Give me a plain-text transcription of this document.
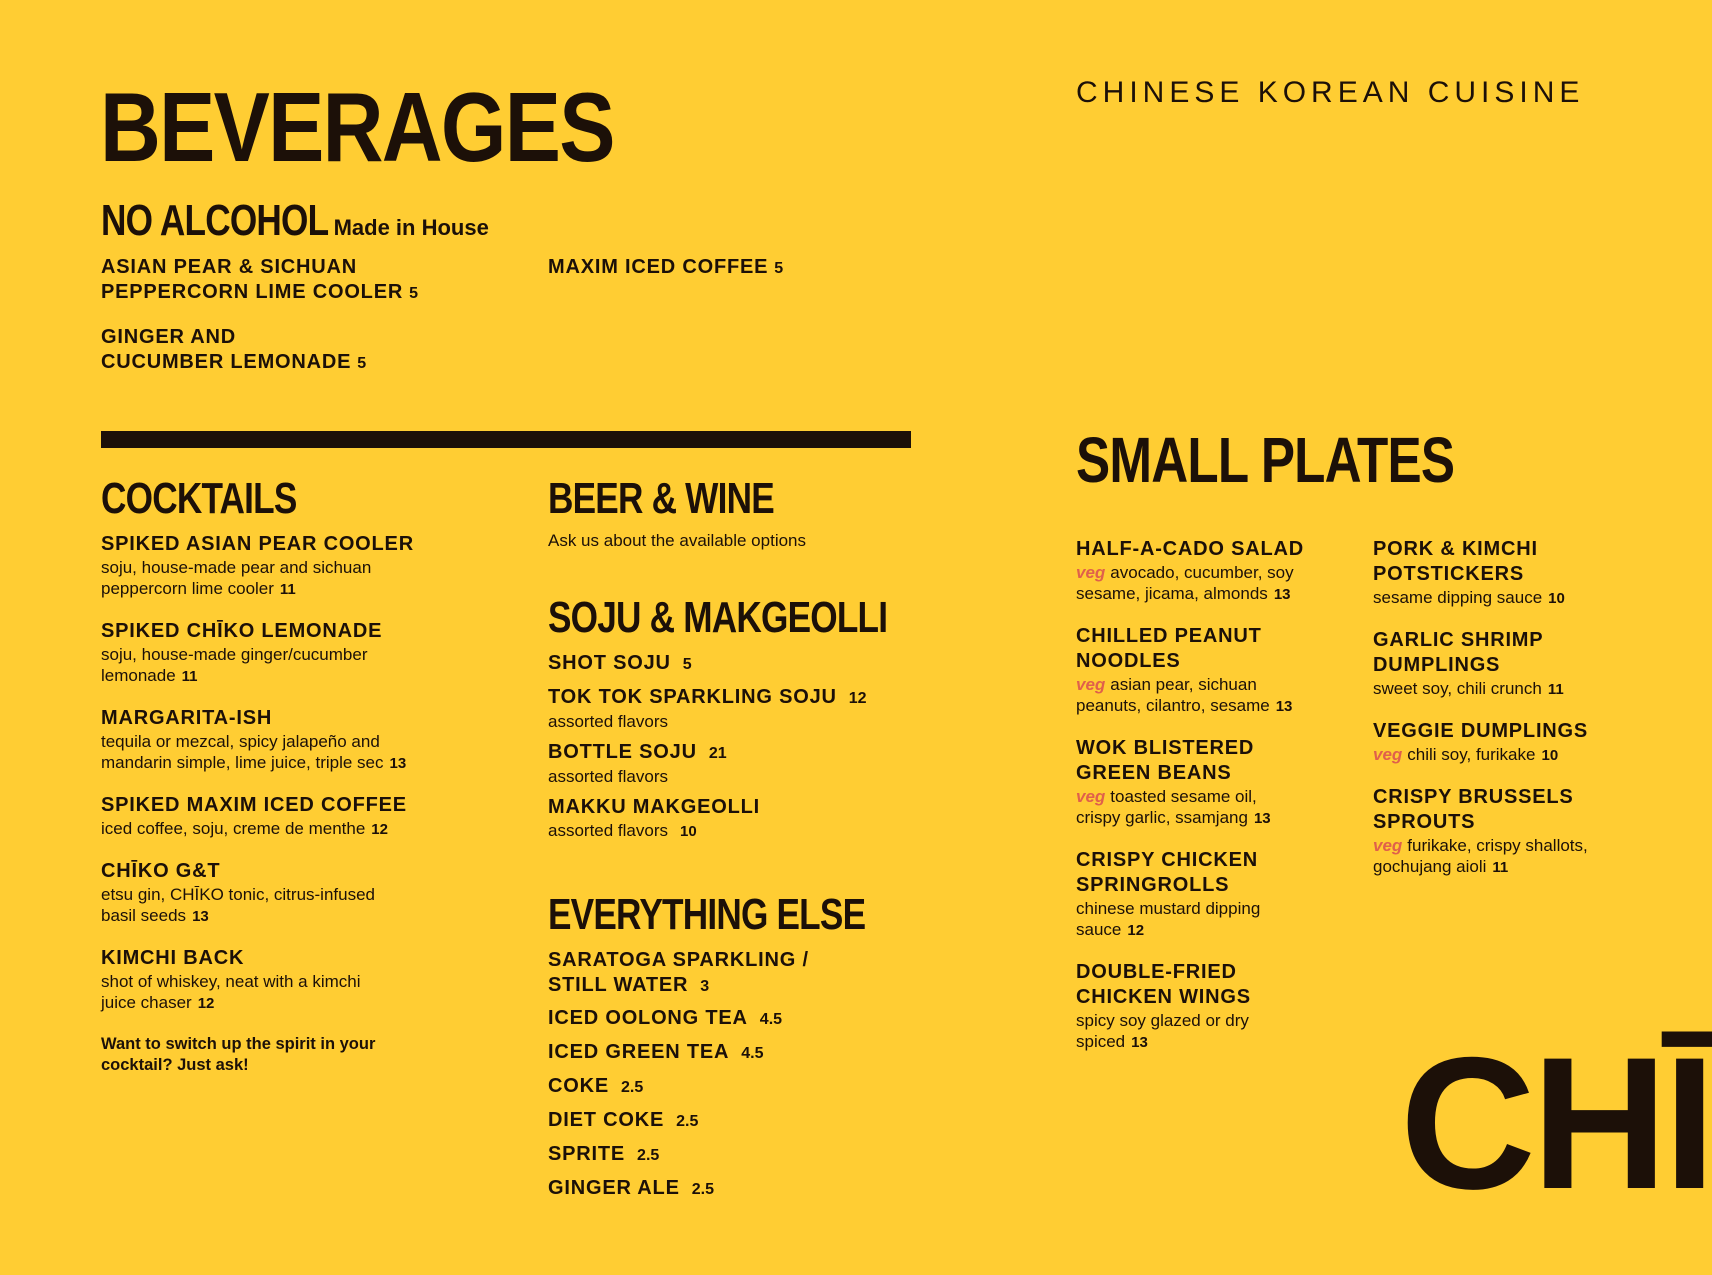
BEVERAGES	CHINESE KOREAN CUISINE
NO ALCOHOL Made in House
ASIAN PEAR & SICHUAN
PEPPERCORN LIME COOLER 5
GINGER AND
CUCUMBER LEMONADE 5
MAXIM ICED COFFEE 5
COCKTAILS
SPIKED ASIAN PEAR COOLER
soju, house-made pear and sichuan
peppercorn lime cooler 11
SPIKED CHĪKO LEMONADE
soju, house-made ginger/cucumber
lemonade 11
MARGARITA-ISH
tequila or mezcal, spicy jalapeño and
mandarin simple, lime juice, triple sec 13
SPIKED MAXIM ICED COFFEE
iced coffee, soju, creme de menthe 12
CHĪKO G&T
etsu gin, CHĪKO tonic, citrus-infused
basil seeds 13
KIMCHI BACK
shot of whiskey, neat with a kimchi
juice chaser 12
Want to switch up the spirit in your
cocktail? Just ask!
BEER & WINE
Ask us about the available options
SOJU & MAKGEOLLI
SHOT SOJU 5
TOK TOK SPARKLING SOJU 12
assorted flavors
BOTTLE SOJU 21
assorted flavors
MAKKU MAKGEOLLI
assorted flavors 10
EVERYTHING ELSE
SARATOGA SPARKLING /
STILL WATER 3
ICED OOLONG TEA 4.5
ICED GREEN TEA 4.5
COKE 2.5
DIET COKE 2.5
SPRITE 2.5
GINGER ALE 2.5
SMALL PLATES
HALF-A-CADO SALAD
veg avocado, cucumber, soy
sesame, jicama, almonds 13
CHILLED PEANUT
NOODLES
veg asian pear, sichuan
peanuts, cilantro, sesame 13
WOK BLISTERED
GREEN BEANS
veg toasted sesame oil,
crispy garlic, ssamjang 13
CRISPY CHICKEN
SPRINGROLLS
chinese mustard dipping
sauce 12
DOUBLE-FRIED
CHICKEN WINGS
spicy soy glazed or dry
spiced 13
PORK & KIMCHI
POTSTICKERS
sesame dipping sauce 10
GARLIC SHRIMP
DUMPLINGS
sweet soy, chili crunch 11
VEGGIE DUMPLINGS
veg chili soy, furikake 10
CRISPY BRUSSELS
SPROUTS
veg furikake, crispy shallots,
gochujang aioli 11
CHĪ
